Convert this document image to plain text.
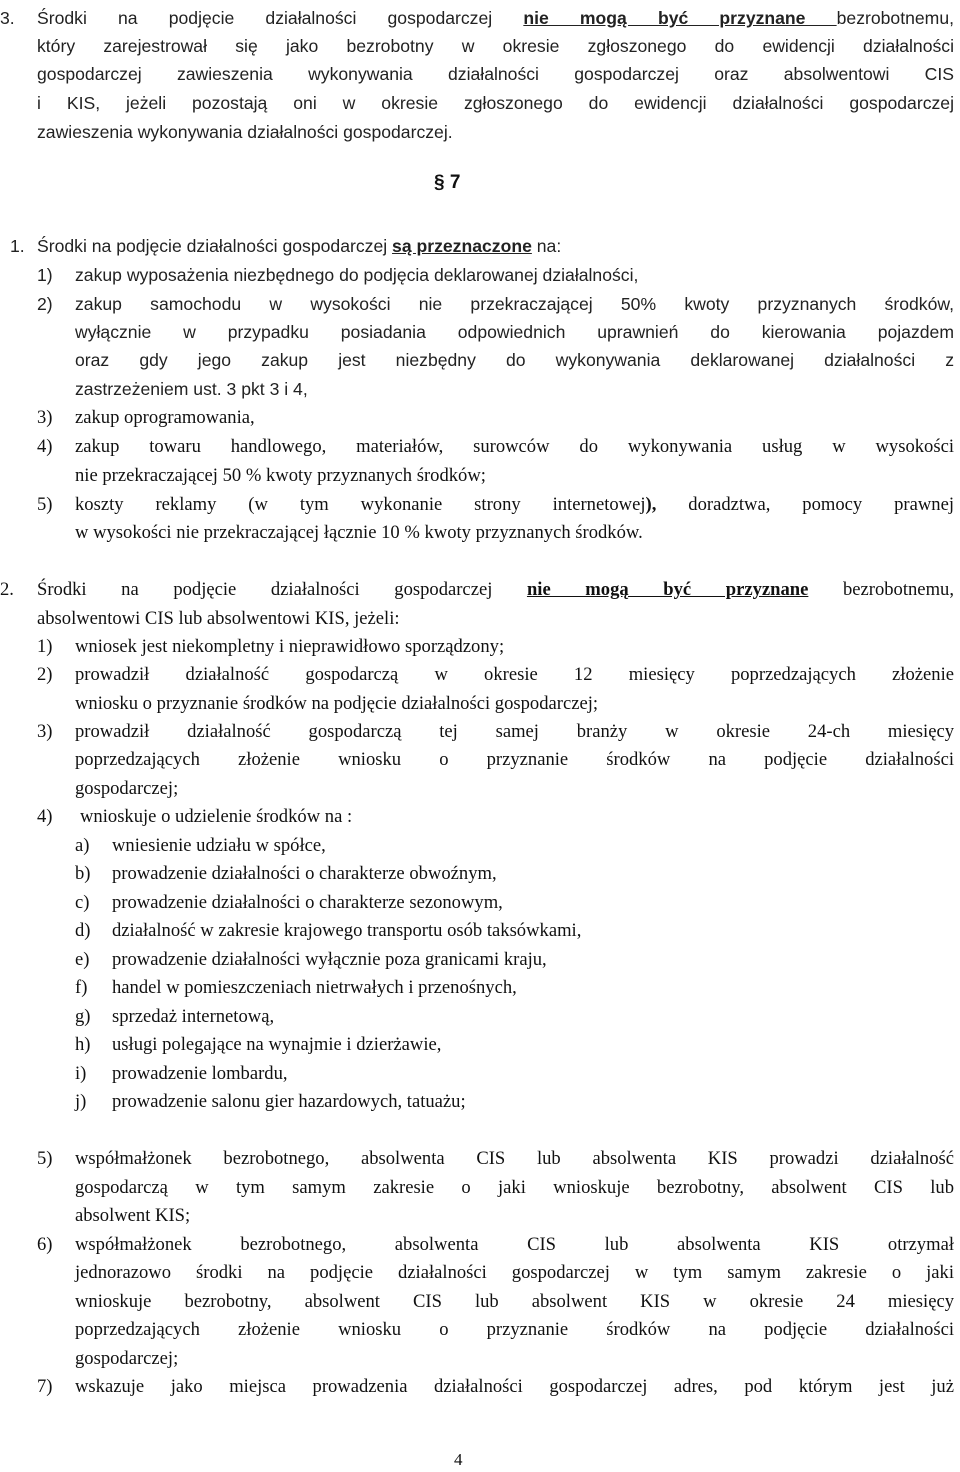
3. Środki na podjęcie działalności gospodarczej nie mogą być przyznane bezrobotnemu,
który zarejestrował się jako bezrobotny w okresie zgłoszonego do ewidencji działalności
gospodarczej zawieszenia wykonywania działalności gospodarczej oraz absolwentowi CIS
i KIS, jeżeli pozostają oni w okresie zgłoszonego do ewidencji działalności gospodarczej
zawieszenia wykonywania działalności gospodarczej.
§ 7
1. Środki na podjęcie działalności gospodarczej są przeznaczone na:
1) zakup wyposażenia niezbędnego do podjęcia deklarowanej działalności,
2) zakup samochodu w wysokości nie przekraczającej 50% kwoty przyznanych środków,
wyłącznie w przypadku posiadania odpowiednich uprawnień do kierowania pojazdem
oraz gdy jego zakup jest niezbędny do wykonywania deklarowanej działalności z
zastrzeżeniem ust. 3 pkt 3 i 4,
3) zakup oprogramowania,
4) zakup towaru handlowego, materiałów, surowców do wykonywania usług w wysokości
nie przekraczającej 50 % kwoty przyznanych środków;
5) koszty reklamy (w tym wykonanie strony internetowej), doradztwa, pomocy prawnej
w wysokości nie przekraczającej łącznie 10 % kwoty przyznanych środków.
2. Środki na podjęcie działalności gospodarczej nie mogą być przyznane bezrobotnemu,
absolwentowi CIS lub absolwentowi KIS, jeżeli:
1) wniosek jest niekompletny i nieprawidłowo sporządzony;
2) prowadził działalność gospodarczą w okresie 12 miesięcy poprzedzających złożenie
wniosku o przyznanie środków na podjęcie działalności gospodarczej;
3) prowadził działalność gospodarczą tej samej branży w okresie 24-ch miesięcy
poprzedzających złożenie wniosku o przyznanie środków na podjęcie działalności
gospodarczej;
4) wnioskuje o udzielenie środków na :
a) wniesienie udziału w spółce,
b) prowadzenie działalności o charakterze obwoźnym,
c) prowadzenie działalności o charakterze sezonowym,
d) działalność w zakresie krajowego transportu osób taksówkami,
e) prowadzenie działalności wyłącznie poza granicami kraju,
f) handel w pomieszczeniach nietrwałych i przenośnych,
g) sprzedaż internetową,
h) usługi polegające na wynajmie i dzierżawie,
i) prowadzenie lombardu,
j) prowadzenie salonu gier hazardowych, tatuażu;
5) współmałżonek bezrobotnego, absolwenta CIS lub absolwenta KIS prowadzi działalność
gospodarczą w tym samym zakresie o jaki wnioskuje bezrobotny, absolwent CIS lub
absolwent KIS;
6) współmałżonek bezrobotnego, absolwenta CIS lub absolwenta KIS otrzymał
jednorazowo środki na podjęcie działalności gospodarczej w tym samym zakresie o jaki
wnioskuje bezrobotny, absolwent CIS lub absolwent KIS w okresie 24 miesięcy
poprzedzających złożenie wniosku o przyznanie środków na podjęcie działalności
gospodarczej;
7) wskazuje jako miejsca prowadzenia działalności gospodarczej adres, pod którym jest już
4
